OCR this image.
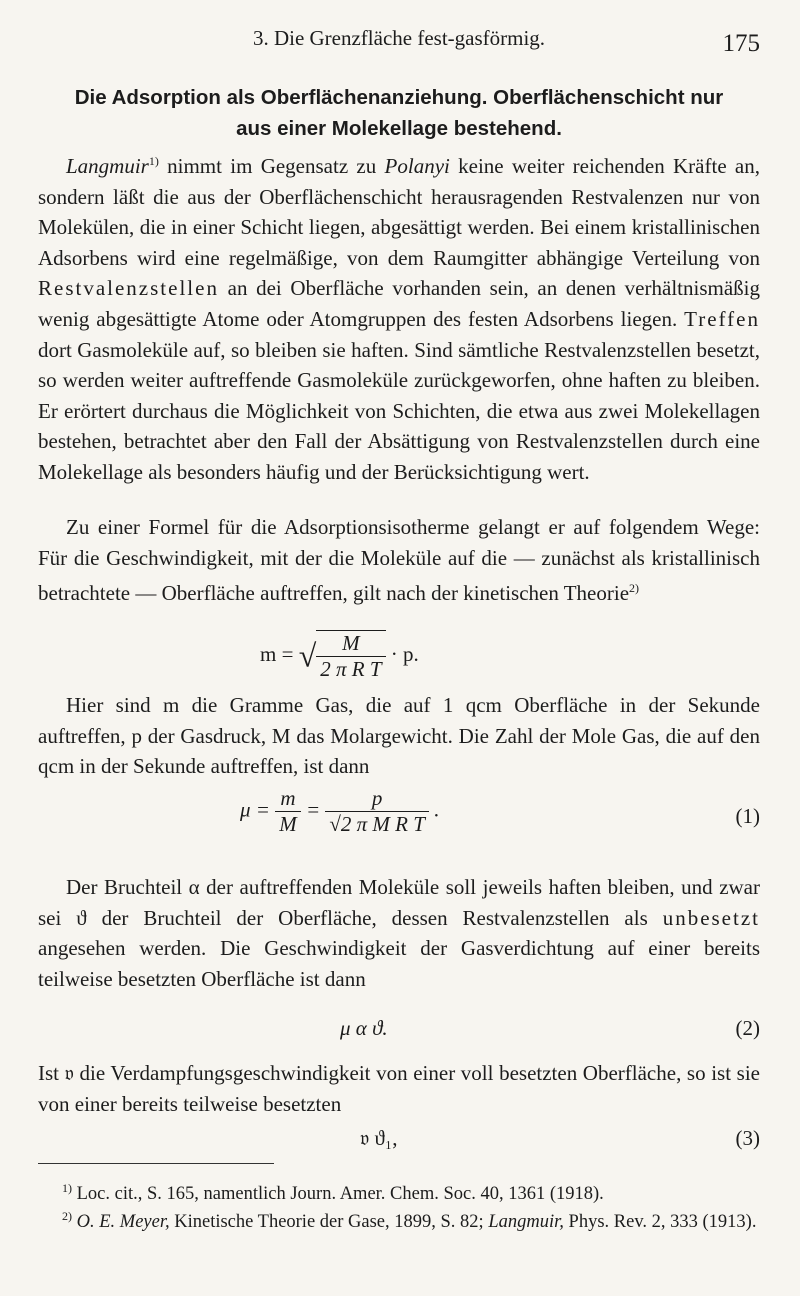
3. Die Grenzfläche fest-gasförmig.	175
Die Adsorption als Oberflächenanziehung. Oberflächenschicht nur
aus einer Molekellage bestehend.

Langmuir$^{1)}$ nimmt im Gegensatz zu Polanyi keine weiter reichenden Kräfte an, sondern läßt die aus der Oberflächenschicht herausragenden Restvalenzen nur von Molekülen, die in einer Schicht liegen, abgesättigt werden. Bei einem kristallinischen Adsorbens wird eine regelmäßige, von dem Raumgitter abhängige Verteilung von Restvalenzstellen an dei Oberfläche vorhanden sein, an denen verhältnismäßig wenig abgesättigte Atome oder Atomgruppen des festen Adsorbens liegen. Treffen dort Gasmoleküle auf, so bleiben sie haften. Sind sämtliche Restvalenzstellen besetzt, so werden weiter auftreffende Gasmoleküle zurückgeworfen, ohne haften zu bleiben. Er erörtert durchaus die Möglichkeit von Schichten, die etwa aus zwei Molekellagen bestehen, betrachtet aber den Fall der Absättigung von Restvalenzstellen durch eine Molekellage als besonders häufig und der Berücksichtigung wert.

Zu einer Formel für die Adsorptionsisotherme gelangt er auf folgendem Wege: Für die Geschwindigkeit, mit der die Moleküle auf die — zunächst als kristallinisch betrachtete — Oberfläche auftreffen, gilt nach der kinetischen Theorie$^{2)}$

m = √ $\frac{M}{\text{2 π R T}} \cdot p$.

Hier sind m die Gramme Gas, die auf 1 qcm Oberfläche in der Sekunde auftreffen, p der Gasdruck, M das Molargewicht. Die Zahl der Mole Gas, die auf den qcm in der Sekunde auftreffen, ist dann

$\mu = \frac{m}{M} = \frac{p}{\text{√2 π M R T}}$ .	(1)

Der Bruchteil α der auftreffenden Moleküle soll jeweils haften bleiben, und zwar sei ϑ der Bruchteil der Oberfläche, dessen Restvalenzstellen als unbesetzt angesehen werden. Die Geschwindigkeit der Gasverdichtung auf einer bereits teilweise besetzten Oberfläche ist dann

μ α ϑ.	(2)

Ist 𝔳 die Verdampfungsgeschwindigkeit von einer voll besetzten Oberfläche, so ist sie von einer bereits teilweise besetzten

𝔳 ϑ₁,	(3)

$^{1)}$ Loc. cit., S. 165, namentlich Journ. Amer. Chem. Soc. 40, 1361 (1918).

$^{2)}$ O. E. Meyer, Kinetische Theorie der Gase, 1899, S. 82; Langmuir, Phys. Rev. 2, 333 (1913).
